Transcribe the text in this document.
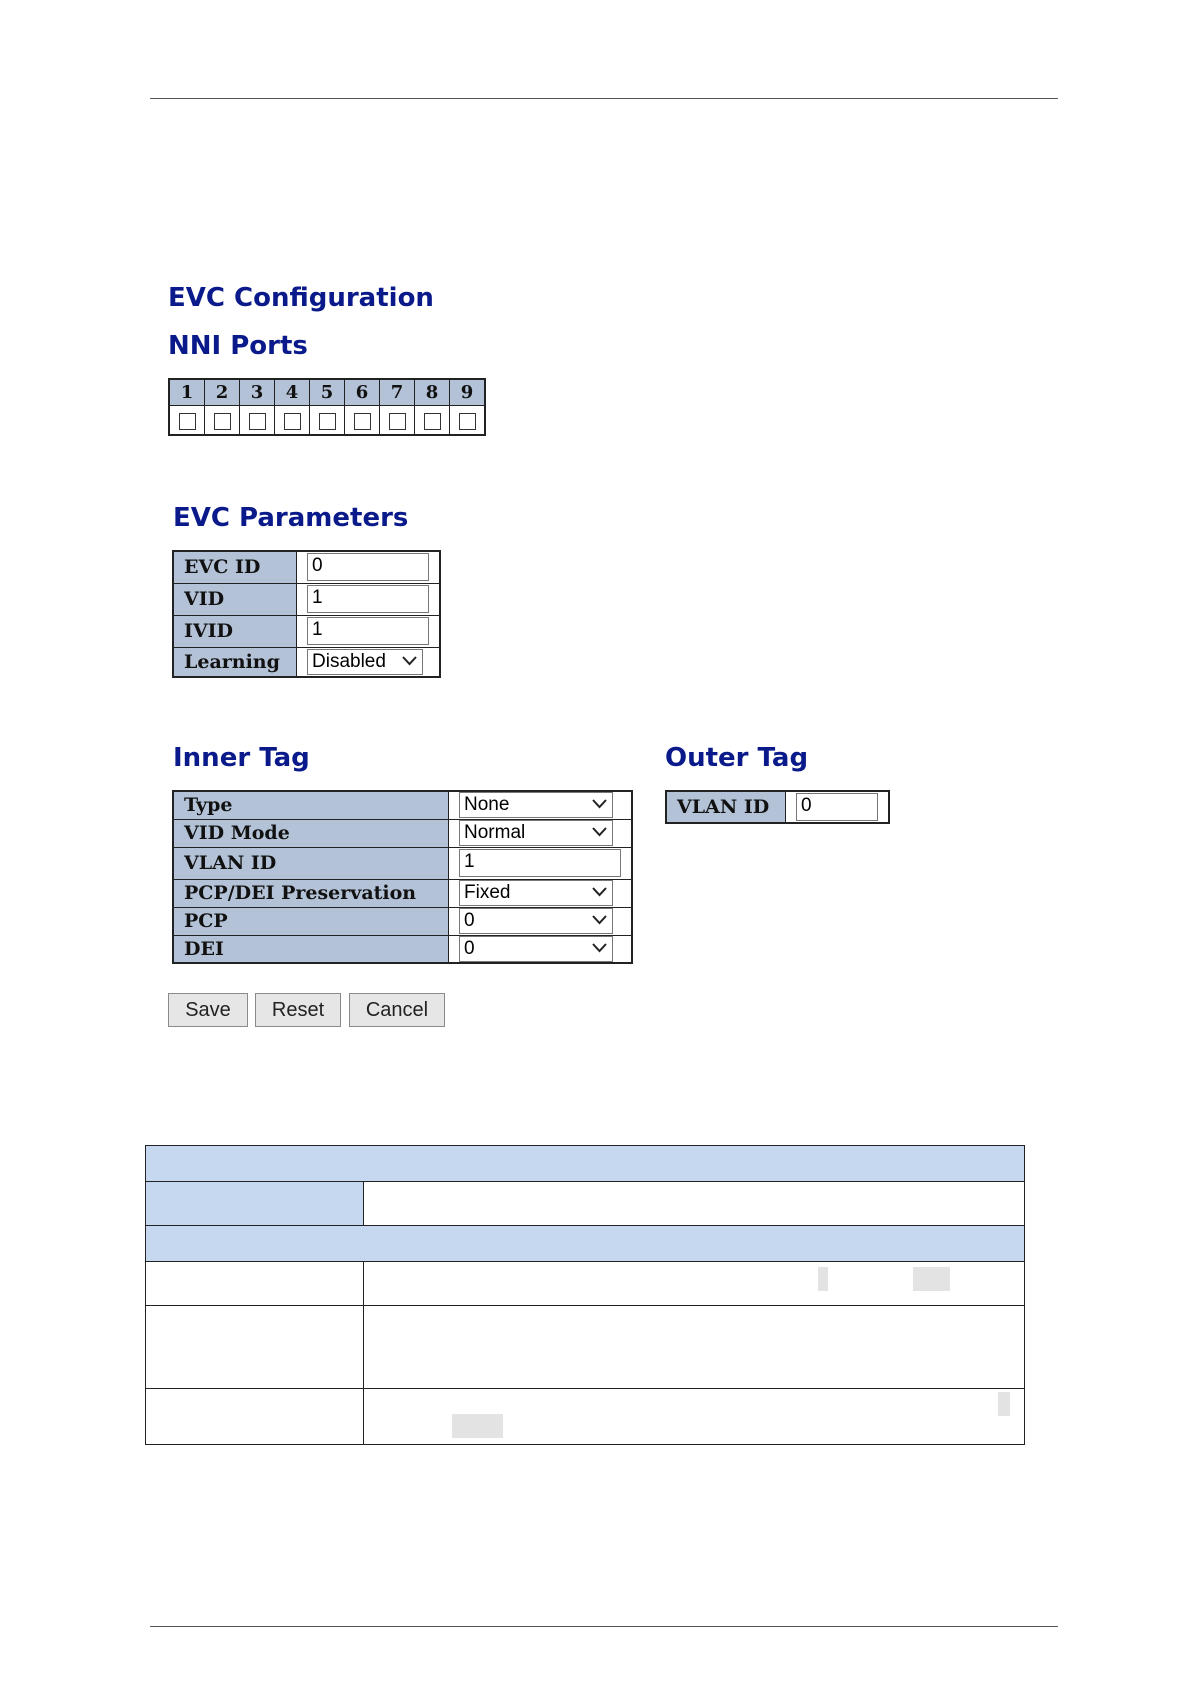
EVC Configuration
NNI Ports
1	2	3	4	5	6	7	8	9

EVC Parameters
EVC ID	0

VID	1

IVID	1

Learning	Disabled
Inner Tag	Outer Tag
Type	None

VID Mode	Normal

VLAN ID	1

PCP/DEI Preservation	Fixed

PCP	0

DEI	0
VLAN ID	0
Save	Reset	Cancel
